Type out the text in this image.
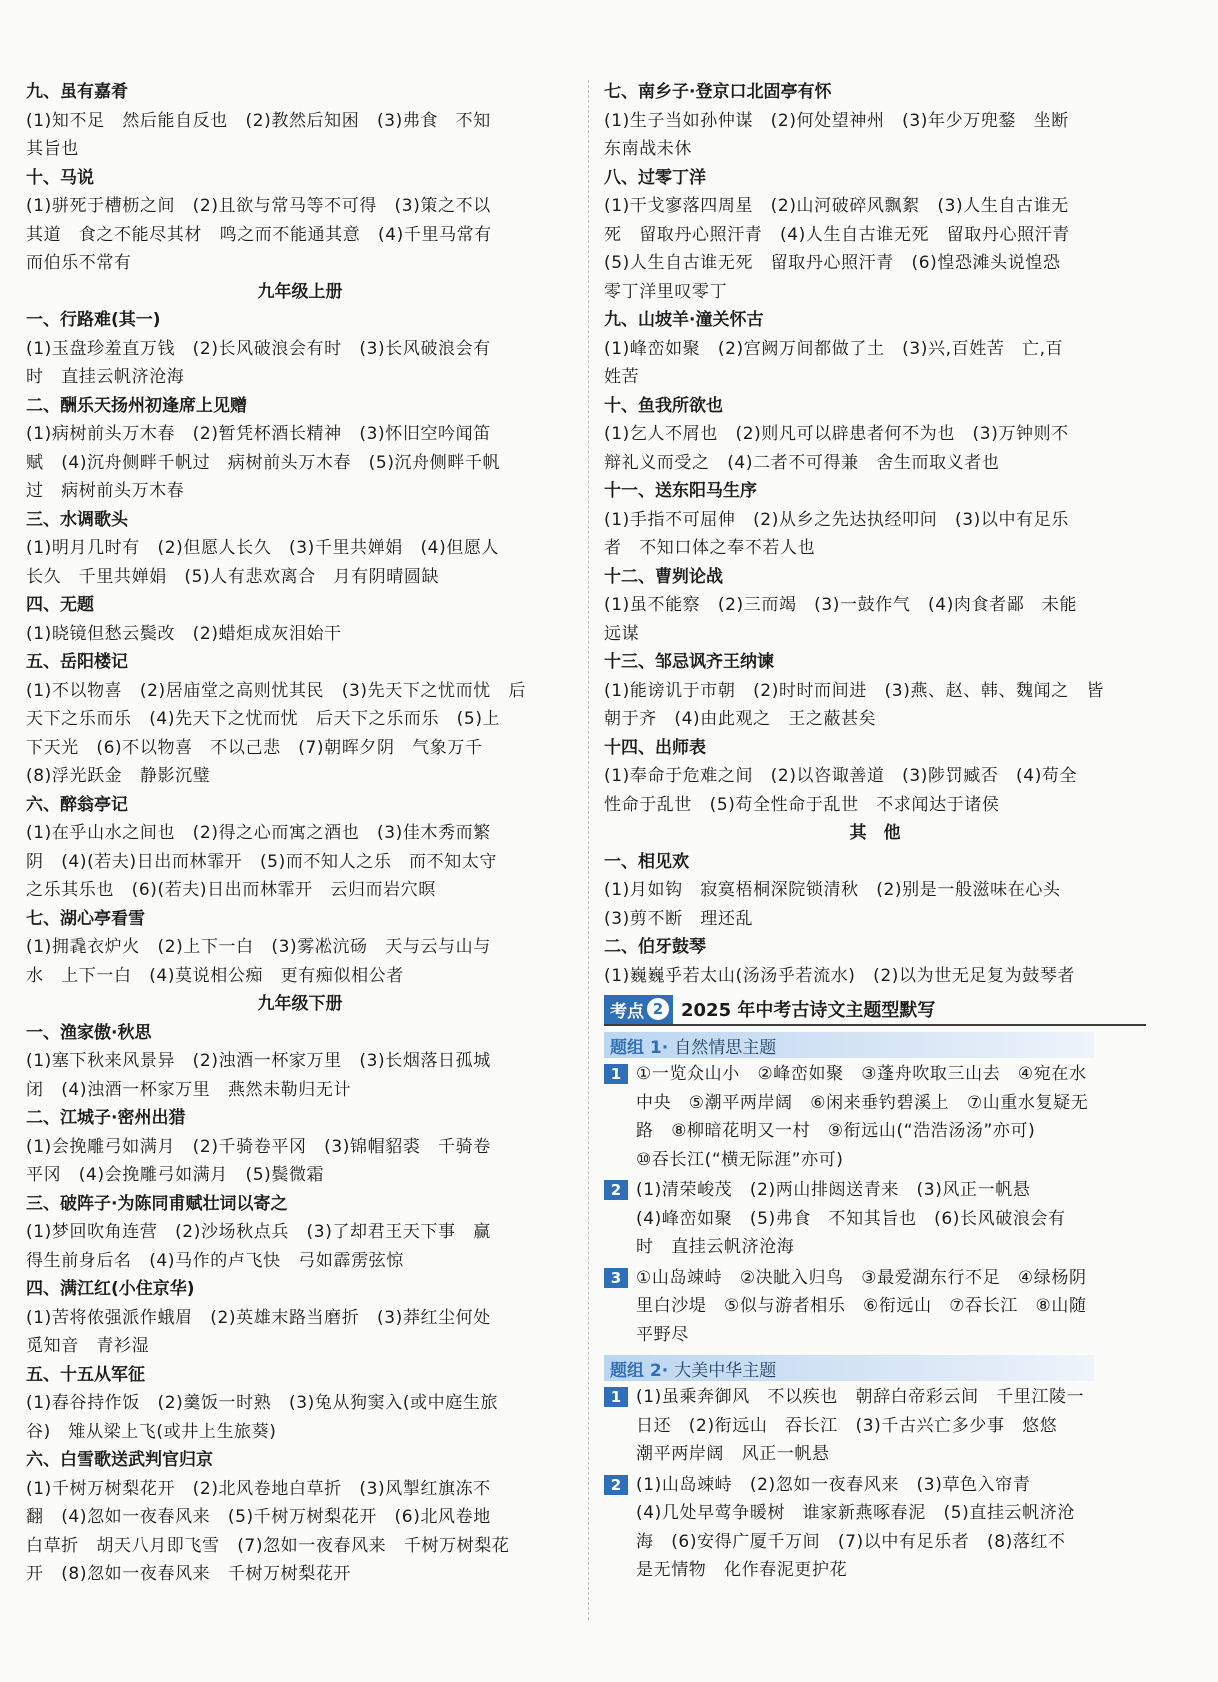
九、虽有嘉肴
(1)知不足　然后能自反也　(2)教然后知困　(3)弗食　不知
其旨也
十、马说
(1)骈死于槽枥之间　(2)且欲与常马等不可得　(3)策之不以
其道　食之不能尽其材　鸣之而不能通其意　(4)千里马常有
而伯乐不常有
九年级上册
一、行路难(其一)
(1)玉盘珍羞直万钱　(2)长风破浪会有时　(3)长风破浪会有
时　直挂云帆济沧海
二、酬乐天扬州初逢席上见赠
(1)病树前头万木春　(2)暂凭杯酒长精神　(3)怀旧空吟闻笛
赋　(4)沉舟侧畔千帆过　病树前头万木春　(5)沉舟侧畔千帆
过　病树前头万木春
三、水调歌头
(1)明月几时有　(2)但愿人长久　(3)千里共婵娟　(4)但愿人
长久　千里共婵娟　(5)人有悲欢离合　月有阴晴圆缺
四、无题
(1)晓镜但愁云鬓改　(2)蜡炬成灰泪始干
五、岳阳楼记
(1)不以物喜　(2)居庙堂之高则忧其民　(3)先天下之忧而忧　后
天下之乐而乐　(4)先天下之忧而忧　后天下之乐而乐　(5)上
下天光　(6)不以物喜　不以己悲　(7)朝晖夕阴　气象万千
(8)浮光跃金　静影沉璧
六、醉翁亭记
(1)在乎山水之间也　(2)得之心而寓之酒也　(3)佳木秀而繁
阴　(4)(若夫)日出而林霏开　(5)而不知人之乐　而不知太守
之乐其乐也　(6)(若夫)日出而林霏开　云归而岩穴暝
七、湖心亭看雪
(1)拥毳衣炉火　(2)上下一白　(3)雾凇沆砀　天与云与山与
水　上下一白　(4)莫说相公痴　更有痴似相公者
九年级下册
一、渔家傲·秋思
(1)塞下秋来风景异　(2)浊酒一杯家万里　(3)长烟落日孤城
闭　(4)浊酒一杯家万里　燕然未勒归无计
二、江城子·密州出猎
(1)会挽雕弓如满月　(2)千骑卷平冈　(3)锦帽貂裘　千骑卷
平冈　(4)会挽雕弓如满月　(5)鬓微霜
三、破阵子·为陈同甫赋壮词以寄之
(1)梦回吹角连营　(2)沙场秋点兵　(3)了却君王天下事　赢
得生前身后名　(4)马作的卢飞快　弓如霹雳弦惊
四、满江红(小住京华)
(1)苦将侬强派作蛾眉　(2)英雄末路当磨折　(3)莽红尘何处
觅知音　青衫湿
五、十五从军征
(1)舂谷持作饭　(2)羹饭一时熟　(3)兔从狗窦入(或中庭生旅
谷)　雉从梁上飞(或井上生旅葵)
六、白雪歌送武判官归京
(1)千树万树梨花开　(2)北风卷地白草折　(3)风掣红旗冻不
翻　(4)忽如一夜春风来　(5)千树万树梨花开　(6)北风卷地
白草折　胡天八月即飞雪　(7)忽如一夜春风来　千树万树梨花
开　(8)忽如一夜春风来　千树万树梨花开
七、南乡子·登京口北固亭有怀
(1)生子当如孙仲谋　(2)何处望神州　(3)年少万兜鍪　坐断
东南战未休
八、过零丁洋
(1)干戈寥落四周星　(2)山河破碎风飘絮　(3)人生自古谁无
死　留取丹心照汗青　(4)人生自古谁无死　留取丹心照汗青
(5)人生自古谁无死　留取丹心照汗青　(6)惶恐滩头说惶恐
零丁洋里叹零丁
九、山坡羊·潼关怀古
(1)峰峦如聚　(2)宫阙万间都做了土　(3)兴,百姓苦　亡,百
姓苦
十、鱼我所欲也
(1)乞人不屑也　(2)则凡可以辟患者何不为也　(3)万钟则不
辩礼义而受之　(4)二者不可得兼　舍生而取义者也
十一、送东阳马生序
(1)手指不可屈伸　(2)从乡之先达执经叩问　(3)以中有足乐
者　不知口体之奉不若人也
十二、曹刿论战
(1)虽不能察　(2)三而竭　(3)一鼓作气　(4)肉食者鄙　未能
远谋
十三、邹忌讽齐王纳谏
(1)能谤讥于市朝　(2)时时而间进　(3)燕、赵、韩、魏闻之　皆
朝于齐　(4)由此观之　王之蔽甚矣
十四、出师表
(1)奉命于危难之间　(2)以咨诹善道　(3)陟罚臧否　(4)苟全
性命于乱世　(5)苟全性命于乱世　不求闻达于诸侯
其　他
一、相见欢
(1)月如钩　寂寞梧桐深院锁清秋　(2)别是一般滋味在心头
(3)剪不断　理还乱
二、伯牙鼓琴
(1)巍巍乎若太山(汤汤乎若流水)　(2)以为世无足复为鼓琴者
考点 2 2025 年中考古诗文主题型默写
题组 1· 自然情思主题
1 ①一览众山小　②峰峦如聚　③蓬舟吹取三山去　④宛在水
中央　⑤潮平两岸阔　⑥闲来垂钓碧溪上　⑦山重水复疑无
路　⑧柳暗花明又一村　⑨衔远山(“浩浩汤汤”亦可)
⑩吞长江(“横无际涯”亦可)
2 (1)清荣峻茂　(2)两山排闼送青来　(3)风正一帆悬
(4)峰峦如聚　(5)弗食　不知其旨也　(6)长风破浪会有
时　直挂云帆济沧海
3 ①山岛竦峙　②决眦入归鸟　③最爱湖东行不足　④绿杨阴
里白沙堤　⑤似与游者相乐　⑥衔远山　⑦吞长江　⑧山随
平野尽
题组 2· 大美中华主题
1 (1)虽乘奔御风　不以疾也　朝辞白帝彩云间　千里江陵一
日还　(2)衔远山　吞长江　(3)千古兴亡多少事　悠悠
潮平两岸阔　风正一帆悬
2 (1)山岛竦峙　(2)忽如一夜春风来　(3)草色入帘青
(4)几处早莺争暖树　谁家新燕啄春泥　(5)直挂云帆济沧
海　(6)安得广厦千万间　(7)以中有足乐者　(8)落红不
是无情物　化作春泥更护花
